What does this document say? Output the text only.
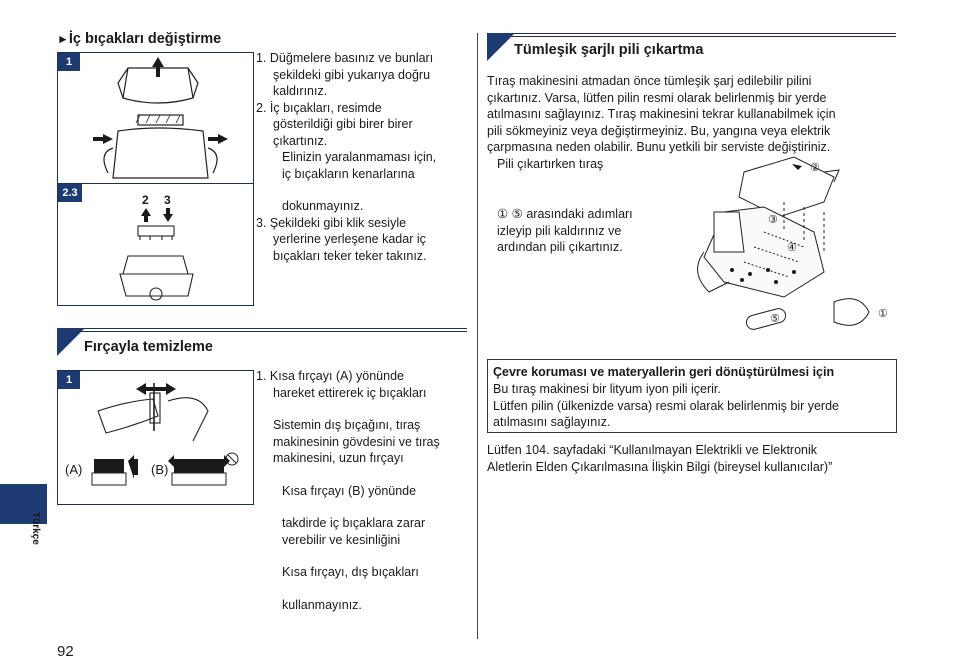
►İç bıçakları değiştirme
1
2.3	2 3
1. Düğmelere basınız ve bunları
şekildeki gibi yukarıya doğru
kaldırınız.
2. İç bıçakları, resimde
gösterildiği gibi birer birer
çıkartınız.
Elinizin yaralanmaması için,
iç bıçakların kenarlarına
dokunmayınız.
3. Şekildeki gibi klik sesiyle
yerlerine yerleşene kadar iç
bıçakları teker teker takınız.
Fırçayla temizleme
1
(A)	(B)
1. Kısa fırçayı (A) yönünde
hareket ettirerek iç bıçakları
Sistemin dış bıçağını, tıraş
makinesinin gövdesini ve tıraş
makinesini, uzun fırçayı
Kısa fırçayı (B) yönünde
takdirde iç bıçaklara zarar
verebilir ve kesinliğini
Kısa fırçayı, dış bıçakları
kullanmayınız.
Tümleşik şarjlı pili çıkartma
Tıraş makinesini atmadan önce tümleşik şarj edilebilir pilini
çıkartınız. Varsa, lütfen pilin resmi olarak belirlenmiş bir yerde
atılmasını sağlayınız. Tıraş makinesini tekrar kullanabilmek için
pili sökmeyiniz veya değiştirmeyiniz. Bu, yangına veya elektrik
çarpmasına neden olabilir. Bunu yetkili bir serviste değiştiriniz.
Pili çıkartırken tıraş
① ⑤ arasındaki adımları
izleyip pili kaldırınız ve
ardından pili çıkartınız.
②
③
④
⑤	①
Çevre koruması ve materyallerin geri dönüştürülmesi için
Bu tıraş makinesi bir lityum iyon pili içerir.
Lütfen pilin (ülkenizde varsa) resmi olarak belirlenmiş bir yerde
atılmasını sağlayınız.
Lütfen 104. sayfadaki “Kullanılmayan Elektrikli ve Elektronik
Aletlerin Elden Çıkarılmasına İlişkin Bilgi (bireysel kullanıcılar)”
Türkçe
92
